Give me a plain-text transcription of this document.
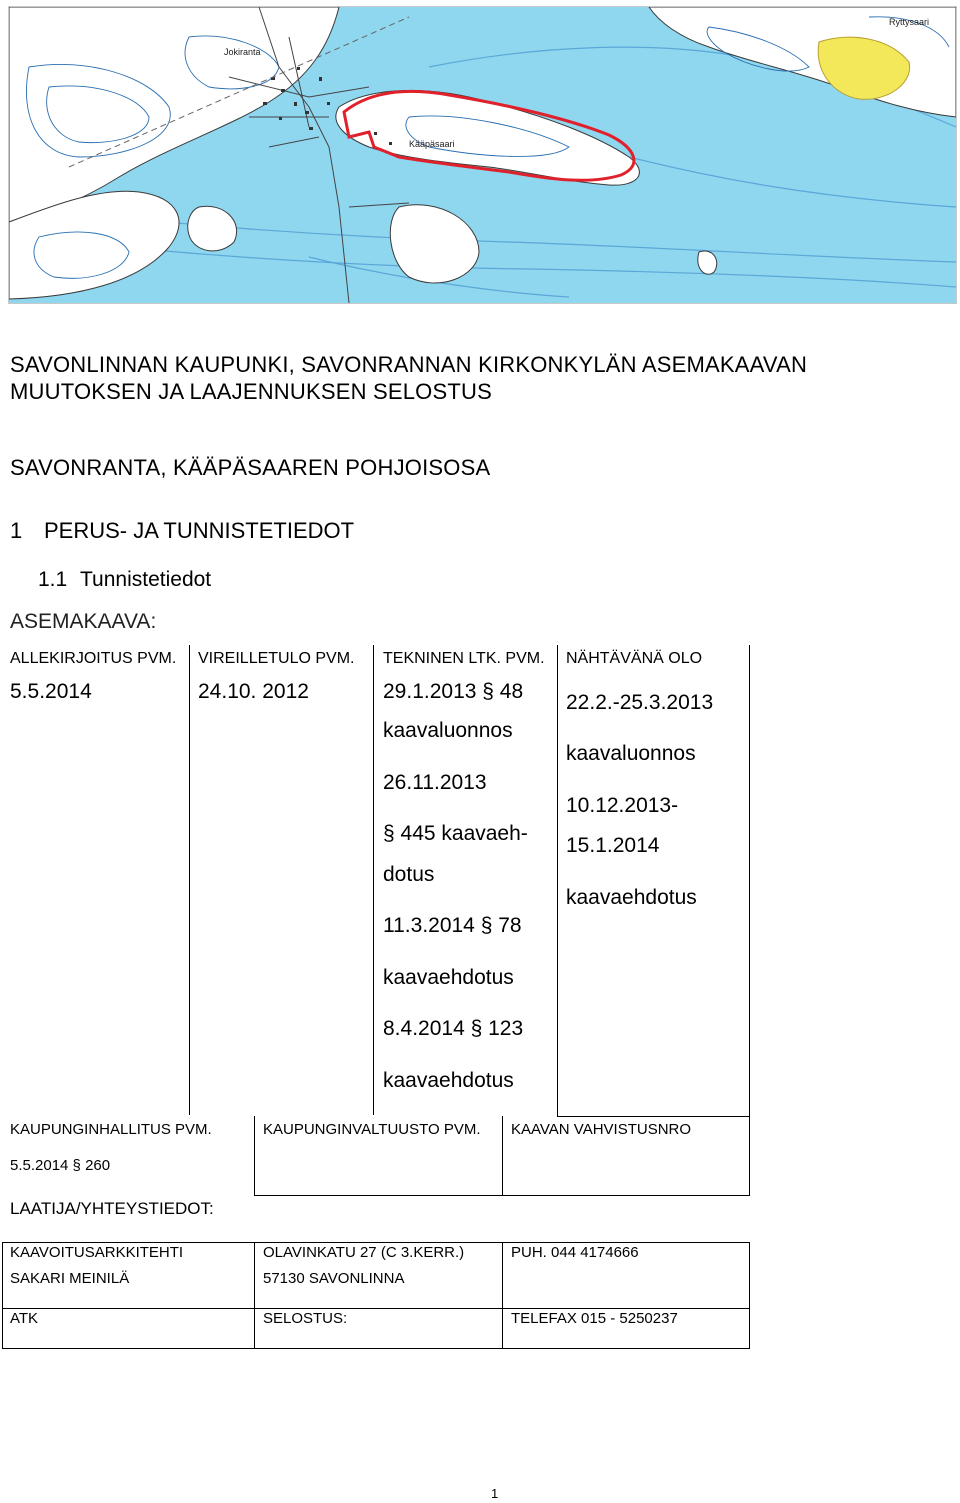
Jokiranta
Kääpäsaari
Ryttysaari
SAVONLINNAN KAUPUNKI, SAVONRANNAN KIRKONKYLÄN ASEMAKAAVAN
MUUTOKSEN JA LAAJENNUKSEN SELOSTUS
SAVONRANTA, KÄÄPÄSAAREN POHJOISOSA
1 PERUS- JA TUNNISTETIEDOT
1.1 Tunnistetiedot
ASEMAKAAVA:
ALLEKIRJOITUS PVM.
5.5.2014
VIREILLETULO PVM.
24.10. 2012
TEKNINEN LTK. PVM.
29.1.2013 § 48
kaavaluonnos
26.11.2013
§ 445 kaavaeh-
dotus
11.3.2014 § 78
kaavaehdotus
8.4.2014 § 123
kaavaehdotus
NÄHTÄVÄNÄ OLO
22.2.-25.3.2013
kaavaluonnos
10.12.2013-
15.1.2014
kaavaehdotus
KAUPUNGINHALLITUS PVM.
5.5.2014 § 260
KAUPUNGINVALTUUSTO PVM. KAAVAN VAHVISTUSNRO
LAATIJA/YHTEYSTIEDOT:
KAAVOITUSARKKITEHTI
SAKARI MEINILÄ
OLAVINKATU 27 (C 3.KERR.)
57130 SAVONLINNA
PUH. 044 4174666
ATK	SELOSTUS:	TELEFAX 015 - 5250237
1
